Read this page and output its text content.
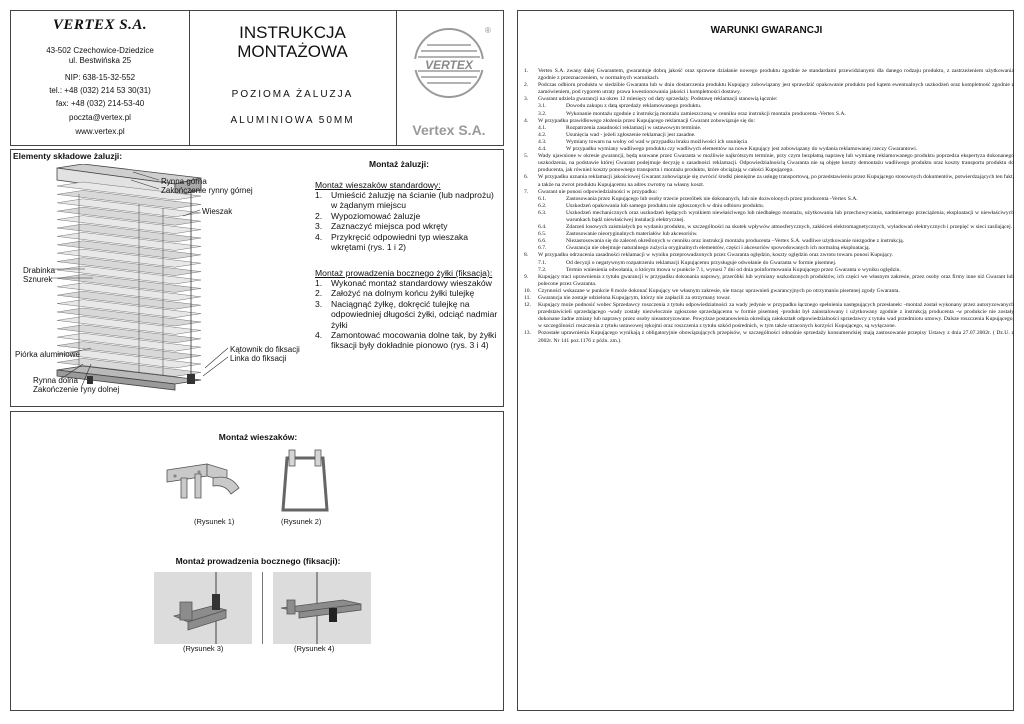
VERTEX S.A.
43-502 Czechowice-Dziedzice
ul. Bestwińska 25
NIP: 638-15-32-552
tel.: +48 (032) 214 53 30(31)
fax: +48 (032) 214-53-40
poczta@vertex.pl
www.vertex.pl
INSTRUKCJA
MONTAŻOWA
POZIOMA ŻALUZJA
ALUMINIOWA 50MM
VERTEX
®
Vertex S.A.
Elementy składowe żaluzji:
Rynna górna
Zakończenie rynny górnej
Wieszak
Drabinka
Sznurek
Piórka aluminiowe
Kątownik do fiksacji
Linka do fiksacji
Rynna dolna
Zakończenie ryny dolnej
Montaż żaluzji:
Montaż wieszaków standardowy:
1.	Umieścić żaluzję na ścianie (lub nadprożu) w żądanym miejscu
2.	Wypoziomować żaluzje
3.	Zaznaczyć miejsca pod wkręty
4.	Przykręcić odpowiedni typ wieszaka wkrętami (rys. 1 i 2)
Montaż prowadzenia bocznego żyłki (fiksacja):
1.	Wykonać montaż standardowy wieszaków
2.	Założyć na dolnym końcu żyłki tulejkę
3.	Naciągnąć żyłkę, dokręcić tulejkę na odpowiedniej długości żyłki, odciąć nadmiar żyłki
4.	Zamontować mocowania dolne tak, by żyłki fiksacji były dokładnie pionowo (rys. 3 i 4)
Montaż wieszaków:
(Rysunek 1)	(Rysunek 2)
Montaż prowadzenia bocznego (fiksacji):
(Rysunek 3)	(Rysunek 4)
WARUNKI GWARANCJI
1.	Vertex S.A. zwany dalej Gwarantem, gwarantuje dobrą jakość oraz sprawne działanie nowego produktu zgodnie ze standardami przewidzianymi dla danego rodzaju produktu, z zastrzeżeniem użytkowania zgodnie z przeznaczeniem, w normalnych warunkach.
2.	Podczas odbioru produktu w siedzibie Gwaranta lub w dniu dostarczenia produktu Kupujący zobowiązany jest sprawdzić opakowanie produktu pod kątem ewentualnych uszkodzeń oraz kompletność zgodnie z zamówieniem, pod rygorem utraty prawa kwestionowania jakości i kompletności dostawy.
3.	Gwarant udziela gwarancji na okres 12 miesięcy od daty sprzedaży. Podstawę reklamacji stanowią łącznie:
3.1.	Dowodu zakupu z datą sprzedaży reklamowanego produktu.
3.2.	Wykonanie montażu zgodnie z instrukcją montażu zamieszczoną w cenniku oraz instrukcji montażu producenta -Vertex S.A.
4.	W przypadku prawidłowego złożenia przez Kupującego reklamacji Gwarant zobowiązuje się do:
4.1.	Rozpatrzenia zasadności reklamacji w ustawowym terminie.
4.2.	Usunięcia wad - jeżeli zgłoszenie reklamacji jest zasadne.
4.3.	Wymiany towaru na wolny od wad w przypadku braku możliwości ich usunięcia
4.4.	W przypadku wymiany wadliwego produktu czy wadliwych elementów na nowe Kupujący jest zobowiązany do wydania reklamowanej rzeczy Gwarantowi.
5.	Wady ujawnione w okresie gwarancji, będą usuwane przez Gwaranta w możliwie najkrótszym terminie, przy czym bezpłatną naprawę lub wymianę reklamowanego produktu poprzedza ekspertyza dokonanego uszkodzenia, na podstawie której Gwarant podejmuje decyzję o zasadności reklamacji. Odpowiedzialnością Gwaranta nie są objęte koszty demontażu wadliwego produktu oraz koszty transportu produktu do producenta, jak również koszty ponownego transportu i montażu produktu, które obciążają w całości Kupującego.
6.	W przypadku uznania reklamacji jakościowej Gwarant zobowiązuje się zwrócić środki pieniężne za usługę transportową, po przedstawieniu przez Kupującego stosownych dokumentów, potwierdzających ten fakt, a także na zwrot produktu Kupującemu na adres zwrotny na własny koszt.
7.	Gwarant nie ponosi odpowiedzialności w przypadku:
6.1.	Zastosowania przez Kupującego lub osoby trzecie przeróbek nie dokonanych, lub nie dozwolonych przez producenta -Vertex S.A.
6.2.	Uszkodzeń opakowania lub samego produktu nie zgłoszonych w dniu odbioru produktu.
6.3.	Uszkodzeń mechanicznych oraz uszkodzeń będących wynikiem niewłaściwego lub niedbałego montażu, użytkowania lub przechowywania, nadmiernego przeciążenia, eksploatacji w niewłaściwych warunkach bądź niewłaściwej instalacji elektrycznej.
6.4.	Zdarzeń losowych zaistniałych po wydaniu produktu, w szczególności na skutek wpływów atmosferycznych, zakłóceń elektromagnetycznych, wyładowań elektrycznych i przepięć w sieci zasilającej.
6.5.	Zastosowanie nieoryginalnych materiałów lub akcesoriów.
6.6.	Niezastosowania się do zaleceń określonych w cenniku oraz instrukcji montażu producenta –Vertex S.A. wadliwe użytkowanie niezgodne z instrukcją.
6.7.	Gwarancja nie obejmuje naturalnego zużycia oryginalnych elementów, części i akcesoriów spowodowanych ich normalną eksploatacją.
8.	W przypadku odrzucenia zasadności reklamacji w wyniku przeprowadzonych przez Gwaranta oględzin, koszty oględzin oraz zwrotu towaru ponosi Kupujący.
7.1.	Od decyzji o negatywnym rozpatrzeniu reklamacji Kupującemu przysługuje odwołanie do Gwaranta w formie pisemnej.
7.2.	Termin wniesienia odwołania, o którym mowa w punkcie 7.1, wynosi 7 dni od dnia poinformowania Kupującego przez Gwaranta o wyniku oględzin.
9.	Kupujący traci uprawnienia z tytułu gwarancji w przypadku dokonania naprawy, przeróbki lub wymiany uszkodzonych produktów, ich części we własnym zakresie, przez osoby oraz firmy inne niż Gwarant lub polecone przez Gwaranta.
10.	Czynności wskazane w punkcie 8 może dokonać Kupujący we własnym zakresie, nie tracąc uprawnień gwarancyjnych po otrzymaniu pisemnej zgody Gwaranta.
11.	Gwarancja nie zostaje udzielona Kupującym, którzy nie zapłacili za otrzymany towar.
12.	Kupujący może podnosić wobec Sprzedawcy roszczenia z tytułu odpowiedzialności za wady jedynie w przypadku łącznego spełnienia następujących przesłanek: -montaż został wykonany przez autoryzowanych przedstawicieli sprzedającego -wady zostały niezwłocznie zgłoszone sprzedającemu w formie pisemnej -produkt był zainstalowany i użytkowany zgodnie z instrukcją producenta -w produkcie nie zostały dokonane żadne zmiany lub naprawy przez osoby nieautoryzowane. Powyższe postanowienia określają całokształt odpowiedzialności sprzedawcy z tytułu wad przedmiotu umowy. Dalsze roszczenia Kupującego, w szczególności roszczenia z tytułu ustawowej rękojmi oraz roszczenia z tytułu szkód pośrednich, w tym także utraconych korzyści Kupującego, są wyłączone.
13.	Pozostałe uprawnienia Kupującego wynikają z obligatoryjnie obowiązujących przepisów, w szczególności odnośnie sprzedaży konsumenckiej mają zastosowanie przepisy Ustawy z dnia 27.07.2002r. ( Dz.U. z 2002r. Nr 141 poz.1176 z późn. zm.).
